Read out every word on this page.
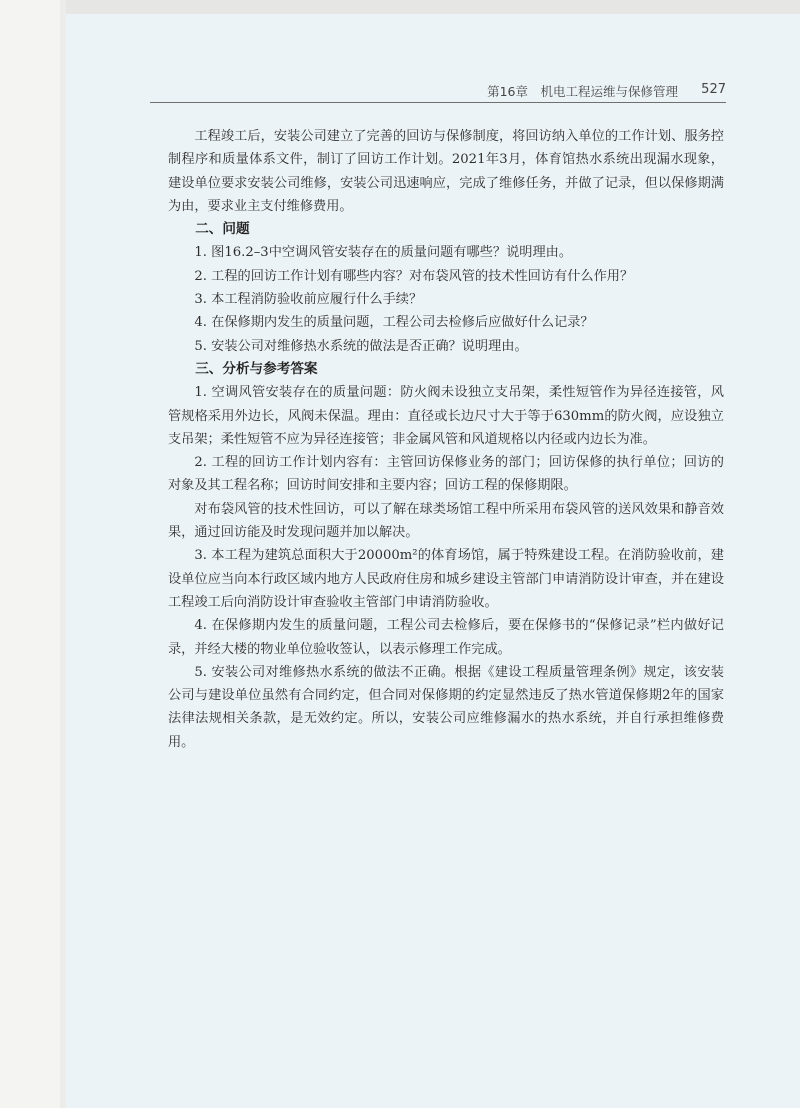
第16章　机电工程运维与保修管理 527

工程竣工后，安装公司建立了完善的回访与保修制度，将回访纳入单位的工作计划、服务控制程序和质量体系文件，制订了回访工作计划。2021年3月，体育馆热水系统出现漏水现象，建设单位要求安装公司维修，安装公司迅速响应，完成了维修任务，并做了记录，但以保修期满为由，要求业主支付维修费用。

二、问题

1. 图16.2–3中空调风管安装存在的质量问题有哪些？说明理由。

2. 工程的回访工作计划有哪些内容？对布袋风管的技术性回访有什么作用？

3. 本工程消防验收前应履行什么手续？

4. 在保修期内发生的质量问题，工程公司去检修后应做好什么记录？

5. 安装公司对维修热水系统的做法是否正确？说明理由。

三、分析与参考答案

1. 空调风管安装存在的质量问题：防火阀未设独立支吊架，柔性短管作为异径连接管，风管规格采用外边长，风阀未保温。理由：直径或长边尺寸大于等于630mm的防火阀，应设独立支吊架；柔性短管不应为异径连接管；非金属风管和风道规格以内径或内边长为准。

2. 工程的回访工作计划内容有：主管回访保修业务的部门；回访保修的执行单位；回访的对象及其工程名称；回访时间安排和主要内容；回访工程的保修期限。

对布袋风管的技术性回访，可以了解在球类场馆工程中所采用布袋风管的送风效果和静音效果，通过回访能及时发现问题并加以解决。

3. 本工程为建筑总面积大于20000m²的体育场馆，属于特殊建设工程。在消防验收前，建设单位应当向本行政区域内地方人民政府住房和城乡建设主管部门申请消防设计审查，并在建设工程竣工后向消防设计审查验收主管部门申请消防验收。

4. 在保修期内发生的质量问题，工程公司去检修后，要在保修书的“保修记录”栏内做好记录，并经大楼的物业单位验收签认，以表示修理工作完成。

5. 安装公司对维修热水系统的做法不正确。根据《建设工程质量管理条例》规定，该安装公司与建设单位虽然有合同约定，但合同对保修期的约定显然违反了热水管道保修期2年的国家法律法规相关条款，是无效约定。所以，安装公司应维修漏水的热水系统，并自行承担维修费用。
